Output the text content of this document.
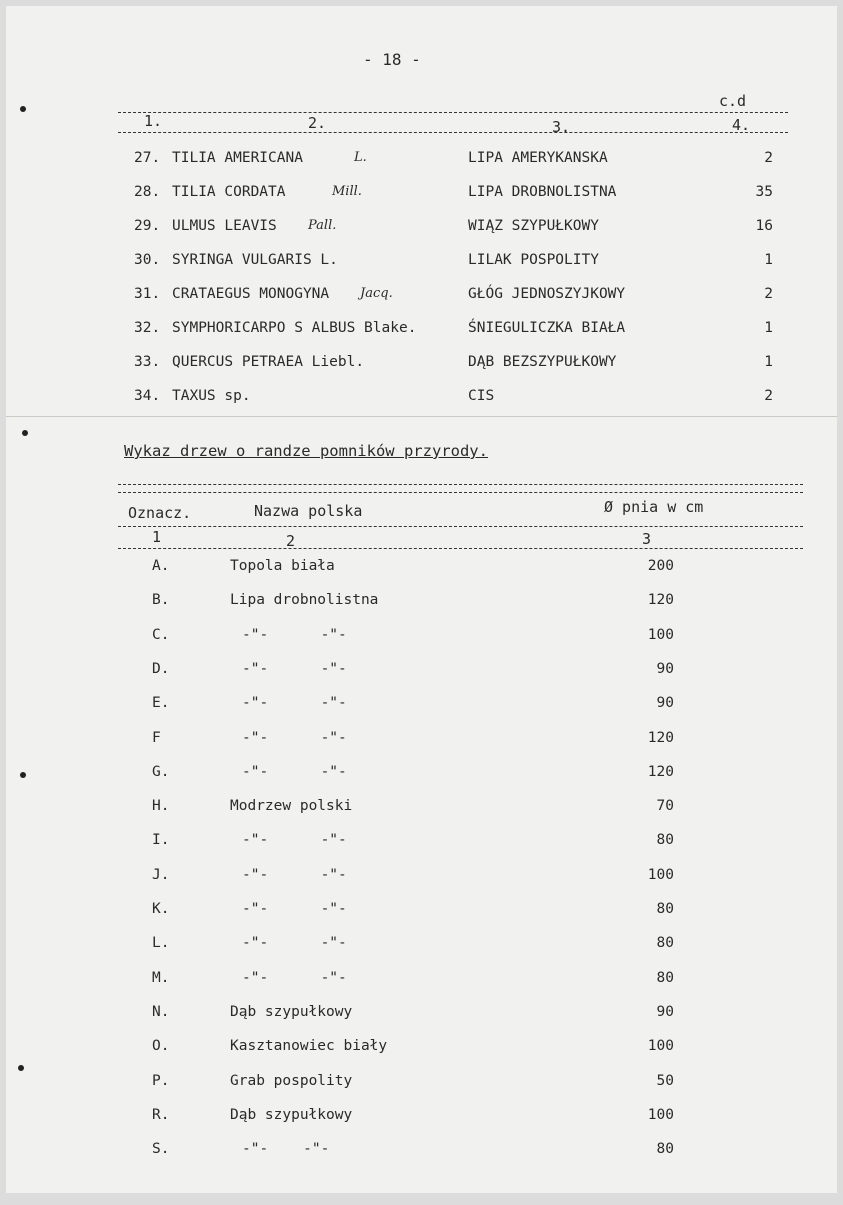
- 18 -
c.d
1.	2.	3.	4.
27. TILIA AMERICANA	L.	LIPA AMERYKANSKA	2
28. TILIA CORDATA	Mill.	LIPA DROBNOLISTNA	35
29. ULMUS LEAVIS Pall.	WIĄZ SZYPUŁKOWY	16
30. SYRINGA VULGARIS L.	LILAK POSPOLITY	1
31. CRATAEGUS MONOGYNA Jacq.	GŁÓG JEDNOSZYJKOWY	2
32. SYMPHORICARPO S ALBUS Blake.	ŚNIEGULICZKA BIAŁA	1
33. QUERCUS PETRAEA Liebl.	DĄB BEZSZYPUŁKOWY	1
34. TAXUS sp.	CIS	2
Wykaz drzew o randze pomników przyrody.
Oznacz.	Nazwa polska	Ø pnia w cm
1	2	3
A.	Topola biała	200
B.	Lipa drobnolistna	120
C.	-"-      -"-	100
D.	-"-      -"-	90
E.	-"-      -"-	90
F	-"-      -"-	120
G.	-"-      -"-	120
H.	Modrzew polski	70
I.	-"-      -"-	80
J.	-"-      -"-	100
K.	-"-      -"-	80
L.	-"-      -"-	80
M.	-"-      -"-	80
N.	Dąb szypułkowy	90
O.	Kasztanowiec biały	100
P.	Grab pospolity	50
R.	Dąb szypułkowy	100
S.	-"-    -"-	80
